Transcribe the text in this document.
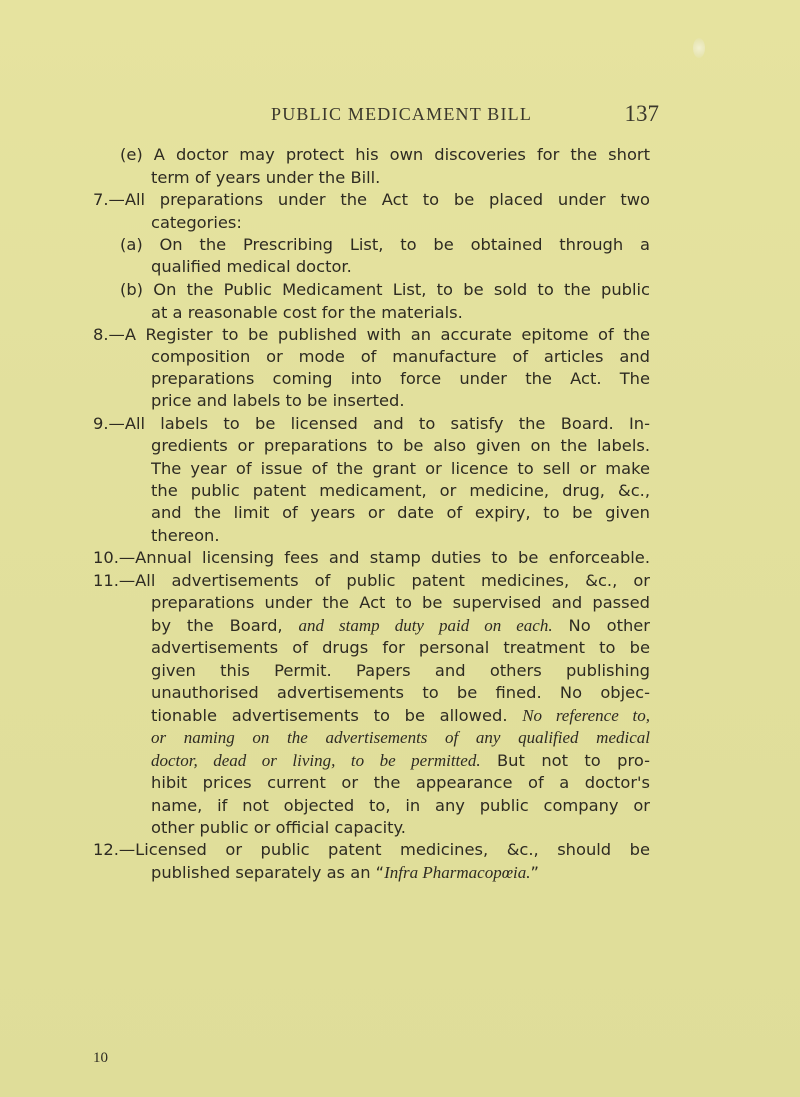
PUBLIC MEDICAMENT BILL	137
(e) A doctor may protect his own discoveries for the short
term of years under the Bill.
7.—All preparations under the Act to be placed under two
categories:
(a) On the Prescribing List, to be obtained through a
qualified medical doctor.
(b) On the Public Medicament List, to be sold to the public
at a reasonable cost for the materials.
8.—A Register to be published with an accurate epitome of the
composition or mode of manufacture of articles and
preparations coming into force under the Act. The
price and labels to be inserted.
9.—All labels to be licensed and to satisfy the Board. In-
gredients or preparations to be also given on the labels.
The year of issue of the grant or licence to sell or make
the public patent medicament, or medicine, drug, &c.,
and the limit of years or date of expiry, to be given
thereon.
10.—Annual licensing fees and stamp duties to be enforceable.
11.—All advertisements of public patent medicines, &c., or
preparations under the Act to be supervised and passed
by the Board, and stamp duty paid on each. No other
advertisements of drugs for personal treatment to be
given this Permit. Papers and others publishing
unauthorised advertisements to be fined. No objec-
tionable advertisements to be allowed. No reference to,
or naming on the advertisements of any qualified medical
doctor, dead or living, to be permitted. But not to pro-
hibit prices current or the appearance of a doctor's
name, if not objected to, in any public company or
other public or official capacity.
12.—Licensed or public patent medicines, &c., should be
published separately as an “Infra Pharmacopœia.”
10
